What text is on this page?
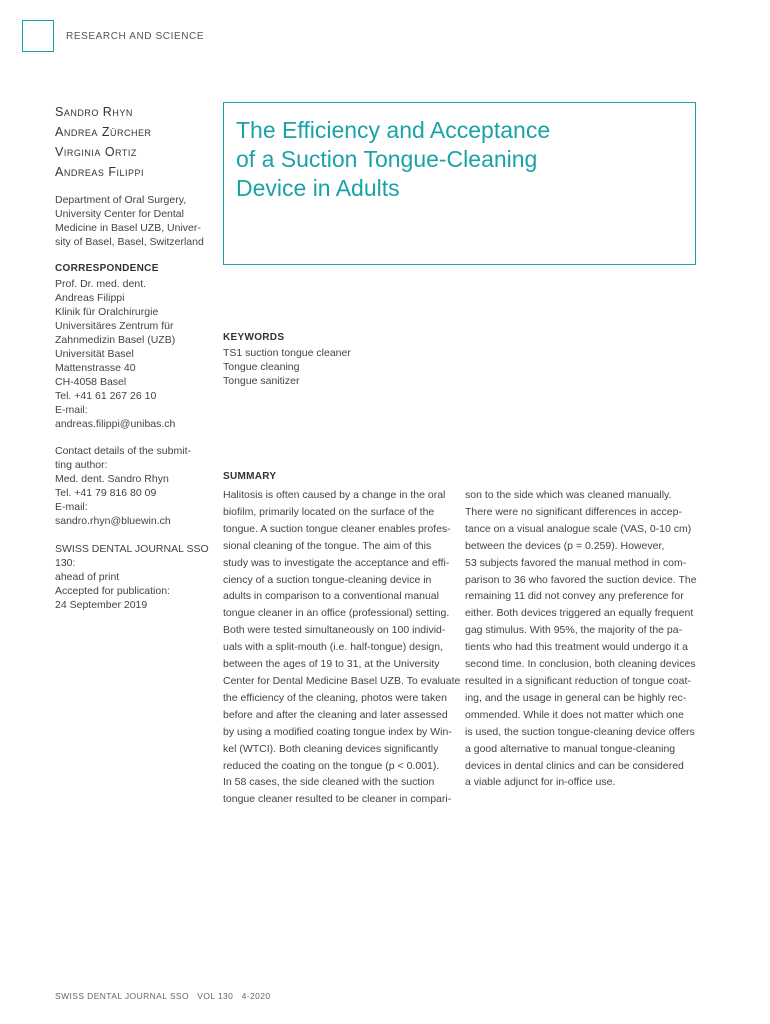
RESEARCH AND SCIENCE
Sandro Rhyn
Andrea Zürcher
Virginia Ortiz
Andreas Filippi
Department of Oral Surgery,
University Center for Dental
Medicine in Basel UZB, Univer-
sity of Basel, Basel, Switzerland
CORRESPONDENCE
Prof. Dr. med. dent.
Andreas Filippi
Klinik für Oralchirurgie
Universitäres Zentrum für
Zahnmedizin Basel (UZB)
Universität Basel
Mattenstrasse 40
CH-4058 Basel
Tel. +41 61 267 26 10
E-mail:
andreas.filippi@unibas.ch
Contact details of the submit-
ting author:
Med. dent. Sandro Rhyn
Tel. +41 79 816 80 09
E-mail:
sandro.rhyn@bluewin.ch
SWISS DENTAL JOURNAL SSO 130:
ahead of print
Accepted for publication:
24 September 2019
The Efficiency and Acceptance
of a Suction Tongue-Cleaning
Device in Adults
KEYWORDS
TS1 suction tongue cleaner
Tongue cleaning
Tongue sanitizer
SUMMARY
Halitosis is often caused by a change in the oral
biofilm, primarily located on the surface of the
tongue. A suction tongue cleaner enables profes-
sional cleaning of the tongue. The aim of this
study was to investigate the acceptance and effi-
ciency of a suction tongue-cleaning device in
adults in comparison to a conventional manual
tongue cleaner in an office (professional) setting.
Both were tested simultaneously on 100 individ-
uals with a split-mouth (i.e. half-tongue) design,
between the ages of 19 to 31, at the University
Center for Dental Medicine Basel UZB. To evaluate
the efficiency of the cleaning, photos were taken
before and after the cleaning and later assessed
by using a modified coating tongue index by Win-
kel (WTCI). Both cleaning devices significantly
reduced the coating on the tongue (p < 0.001).
In 58 cases, the side cleaned with the suction
tongue cleaner resulted to be cleaner in compari-
son to the side which was cleaned manually.
There were no significant differences in accep-
tance on a visual analogue scale (VAS, 0-10 cm)
between the devices (p = 0.259). However,
53 subjects favored the manual method in com-
parison to 36 who favored the suction device. The
remaining 11 did not convey any preference for
either. Both devices triggered an equally frequent
gag stimulus. With 95%, the majority of the pa-
tients who had this treatment would undergo it a
second time. In conclusion, both cleaning devices
resulted in a significant reduction of tongue coat-
ing, and the usage in general can be highly rec-
ommended. While it does not matter which one
is used, the suction tongue-cleaning device offers
a good alternative to manual tongue-cleaning
devices in dental clinics and can be considered
a viable adjunct for in-office use.
SWISS DENTAL JOURNAL SSO   VOL 130   4-2020
